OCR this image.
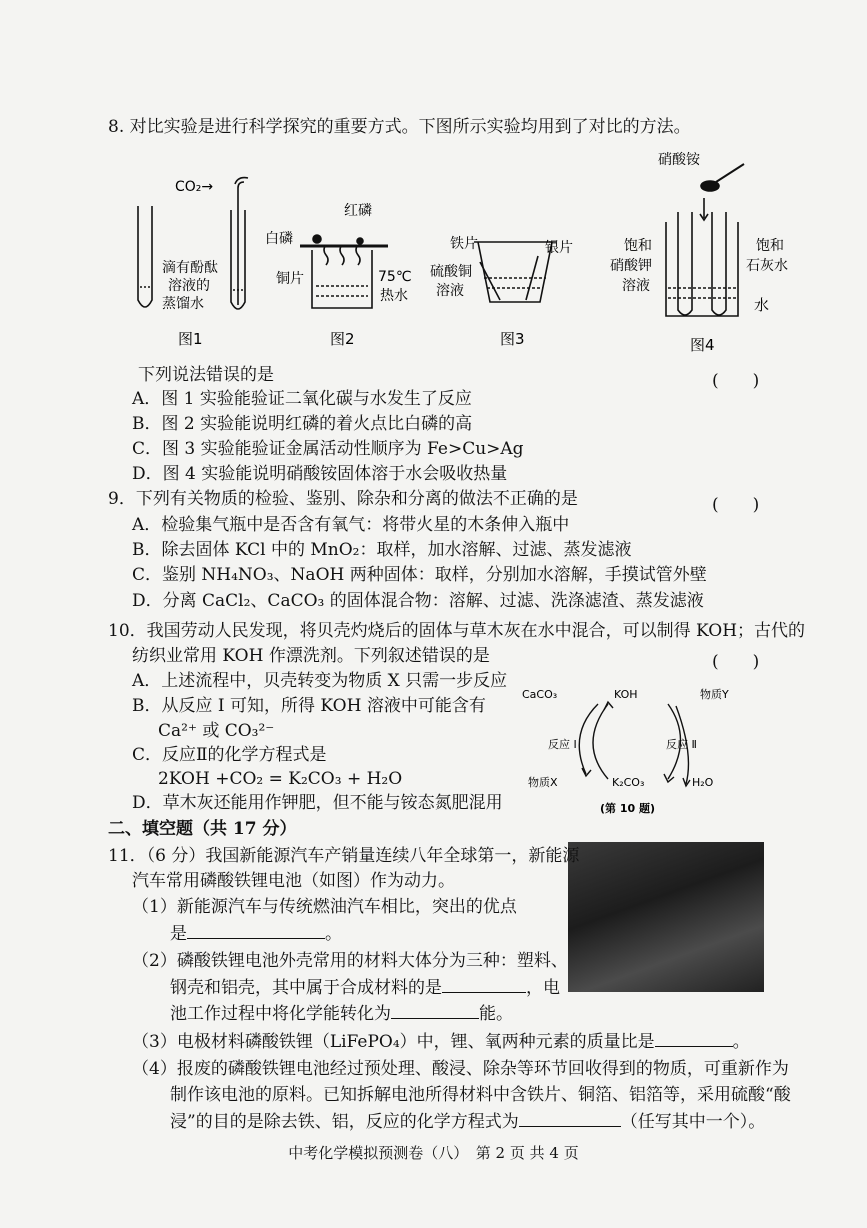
8. 对比实验是进行科学探究的重要方式。下图所示实验均用到了对比的方法。
CO₂→
滴有酚酞
溶液的
蒸馏水
图1
红磷
白磷
铜片	75℃
热水
图2
铁片	银片
硫酸铜
溶液
图3
硝酸铵
饱和
硝酸钾
溶液
饱和
石灰水
水
图4
下列说法错误的是	(　　)
A．图 1 实验能验证二氧化碳与水发生了反应
B．图 2 实验能说明红磷的着火点比白磷的高
C．图 3 实验能验证金属活动性顺序为 Fe>Cu>Ag
D．图 4 实验能说明硝酸铵固体溶于水会吸收热量
9．下列有关物质的检验、鉴别、除杂和分离的做法不正确的是	(　　)
A．检验集气瓶中是否含有氧气：将带火星的木条伸入瓶中
B．除去固体 KCl 中的 MnO₂：取样，加水溶解、过滤、蒸发滤液
C．鉴别 NH₄NO₃、NaOH 两种固体：取样，分别加水溶解，手摸试管外壁
D．分离 CaCl₂、CaCO₃ 的固体混合物：溶解、过滤、洗涤滤渣、蒸发滤液
10．我国劳动人民发现，将贝壳灼烧后的固体与草木灰在水中混合，可以制得 KOH；古代的
纺织业常用 KOH 作漂洗剂。下列叙述错误的是	(　　)
A．上述流程中，贝壳转变为物质 X 只需一步反应
B．从反应 Ⅰ 可知，所得 KOH 溶液中可能含有
Ca²⁺ 或 CO₃²⁻
C．反应Ⅱ的化学方程式是
2KOH +CO₂ = K₂CO₃ + H₂O
D．草木灰还能用作钾肥，但不能与铵态氮肥混用
CaCO₃	KOH	物质Y
反应 Ⅰ	反应 Ⅱ
物质X	K₂CO₃	H₂O
(第 10 题)
二、填空题（共 17 分）
11．（6 分）我国新能源汽车产销量连续八年全球第一，新能源
汽车常用磷酸铁锂电池（如图）作为动力。
（1）新能源汽车与传统燃油汽车相比，突出的优点
是	。
（2）磷酸铁锂电池外壳常用的材料大体分为三种：塑料、
钢壳和铝壳，其中属于合成材料的是	，电
池工作过程中将化学能转化为	能。
（3）电极材料磷酸铁锂（LiFePO₄）中，锂、氧两种元素的质量比是	。
（4）报废的磷酸铁锂电池经过预处理、酸浸、除杂等环节回收得到的物质，可重新作为
制作该电池的原料。已知拆解电池所得材料中含铁片、铜箔、铝箔等，采用硫酸“酸
浸”的目的是除去铁、铝，反应的化学方程式为	（任写其中一个）。
中考化学模拟预测卷（八）　第 2 页 共 4 页
